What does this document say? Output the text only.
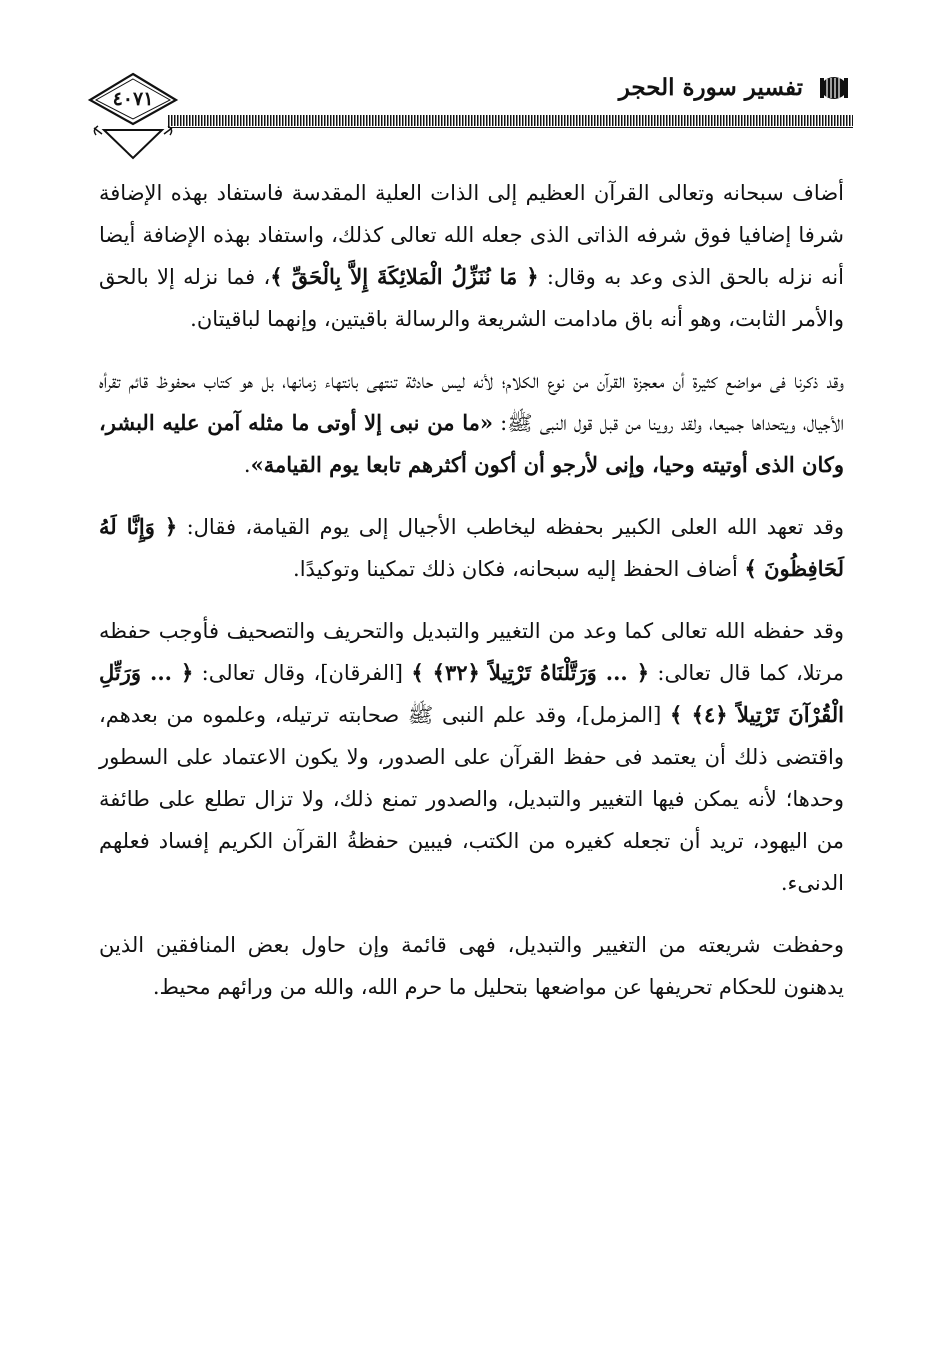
٤٠٧١	تفسير سورة الحجر

أضاف سبحانه وتعالى القرآن العظيم إلى الذات العلية المقدسة فاستفاد بهذه الإضافة شرفا إضافيا فوق شرفه الذاتى الذى جعله الله تعالى كذلك، واستفاد بهذه الإضافة أيضا أنه نزله بالحق الذى وعد به وقال: ﴿ مَا نُنَزِّلُ الْمَلائِكَةَ إِلاَّ بِالْحَقِّ ﴾، فما نزله إلا بالحق والأمر الثابت، وهو أنه باق مادامت الشريعة والرسالة باقيتين، وإنهما لباقيتان.

وقد ذكرنا فى مواضع كثيرة أن معجزة القرآن من نوع الكلام؛ لأنه ليس حادثة تنتهى بانتهاء زمانها، بل هو كتاب محفوظ قائم تقرأه الأجيال، ويتحداها جميعا، ولقد روينا من قبل قول النبى ﷺ: «ما من نبى إلا أوتى ما مثله آمن عليه البشر، وكان الذى أوتيته وحيا، وإنى لأرجو أن أكون أكثرهم تابعا يوم القيامة».

وقد تعهد الله العلى الكبير بحفظه ليخاطب الأجيال إلى يوم القيامة، فقال: ﴿ وَإِنَّا لَهُ لَحَافِظُونَ ﴾ أضاف الحفظ إليه سبحانه، فكان ذلك تمكينا وتوكيدًا.

وقد حفظه الله تعالى كما وعد من التغيير والتبديل والتحريف والتصحيف فأوجب حفظه مرتلا، كما قال تعالى: ﴿ ... وَرَتَّلْنَاهُ تَرْتِيلاً ﴿٣٢﴾ ﴾ [الفرقان]، وقال تعالى: ﴿ ... وَرَتِّلِ الْقُرْآنَ تَرْتِيلاً ﴿٤﴾ ﴾ [المزمل]، وقد علم النبى ﷺ صحابته ترتيله، وعلموه من بعدهم، واقتضى ذلك أن يعتمد فى حفظ القرآن على الصدور، ولا يكون الاعتماد على السطور وحدها؛ لأنه يمكن فيها التغيير والتبديل، والصدور تمنع ذلك، ولا تزال تطلع على طائفة من اليهود، تريد أن تجعله كغيره من الكتب، فيبين حفظةُ القرآن الكريم إفساد فعلهم الدنىء.

وحفظت شريعته من التغيير والتبديل، فهى قائمة وإن حاول بعض المنافقين الذين يدهنون للحكام تحريفها عن مواضعها بتحليل ما حرم الله، والله من ورائهم محيط.
